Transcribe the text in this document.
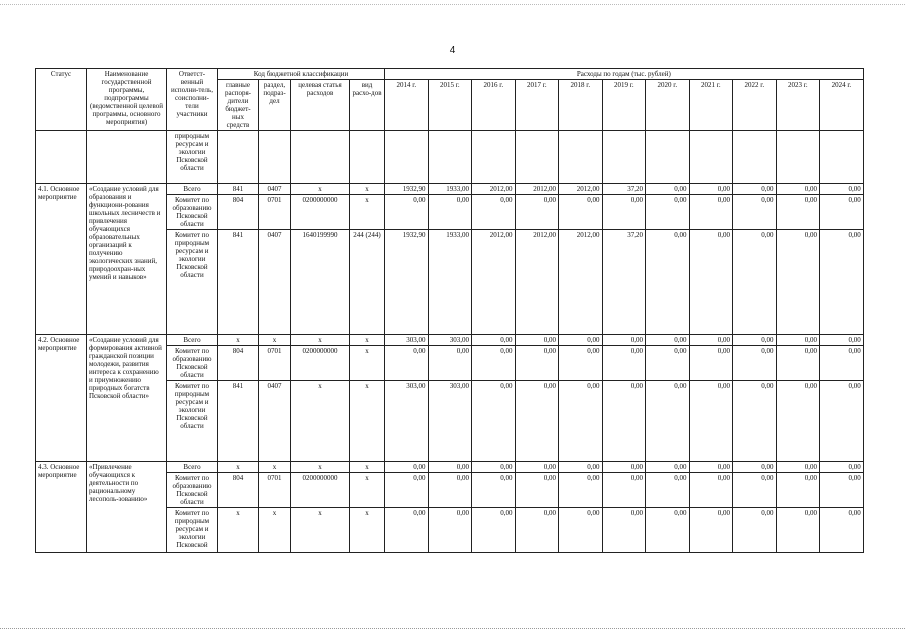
4
Статус	Наименование государственной программы, подпрограммы (ведомственной целевой программы, основного мероприятия)	Ответст-венный исполни-тель, соисполни-тели участники	Код бюджетной классификации				Расходы по годам (тыс. рублей)										
			главные распоря-дители бюджет-ных средств	раздел, подраз-дел	целевая статья расходов	вид расхо-дов	2014 г.	2015 г.	2016 г.	2017 г.	2018 г.	2019 г.	2020 г.	2021 г.	2022 г.	2023 г.	2024 г.
		природным ресурсам и экологии Псковской области															
4.1. Основное мероприятие	«Создание условий для образования и функциони-рования школьных лесничеств и привлечения обучающихся образовательных организаций к получению экологических знаний, природоохран-ных умений и навыков»	Всего	841	0407	x	x	1932,90	1933,00	2012,00	2012,00	2012,00	37,20	0,00	0,00	0,00	0,00	0,00
		Комитет по образованию Псковской области	804	0701	0200000000	x	0,00	0,00	0,00	0,00	0,00	0,00	0,00	0,00	0,00	0,00	0,00
		Комитет по природным ресурсам и экологии Псковской области	841	0407	1640199990	244 (244)	1932,90	1933,00	2012,00	2012,00	2012,00	37,20	0,00	0,00	0,00	0,00	0,00
4.2. Основное мероприятие	«Создание условий для формирования активной гражданской позиции молодежи, развития интереса к сохранению и приумножению природных богатств Псковской области»	Всего	x	x	x	x	303,00	303,00	0,00	0,00	0,00	0,00	0,00	0,00	0,00	0,00	0,00
		Комитет по образованию Псковской области	804	0701	0200000000	x	0,00	0,00	0,00	0,00	0,00	0,00	0,00	0,00	0,00	0,00	0,00
		Комитет по природным ресурсам и экологии Псковской области	841	0407	x	x	303,00	303,00	0,00	0,00	0,00	0,00	0,00	0,00	0,00	0,00	0,00
4.3. Основное мероприятие	«Привлечение обучающихся к деятельности по рациональному лесополь-зованию»	Всего	x	x	x	x	0,00	0,00	0,00	0,00	0,00	0,00	0,00	0,00	0,00	0,00	0,00
		Комитет по образованию Псковской области	804	0701	0200000000	x	0,00	0,00	0,00	0,00	0,00	0,00	0,00	0,00	0,00	0,00	0,00
		Комитет по природным ресурсам и экологии Псковской	x	x	x	x	0,00	0,00	0,00	0,00	0,00	0,00	0,00	0,00	0,00	0,00	0,00
